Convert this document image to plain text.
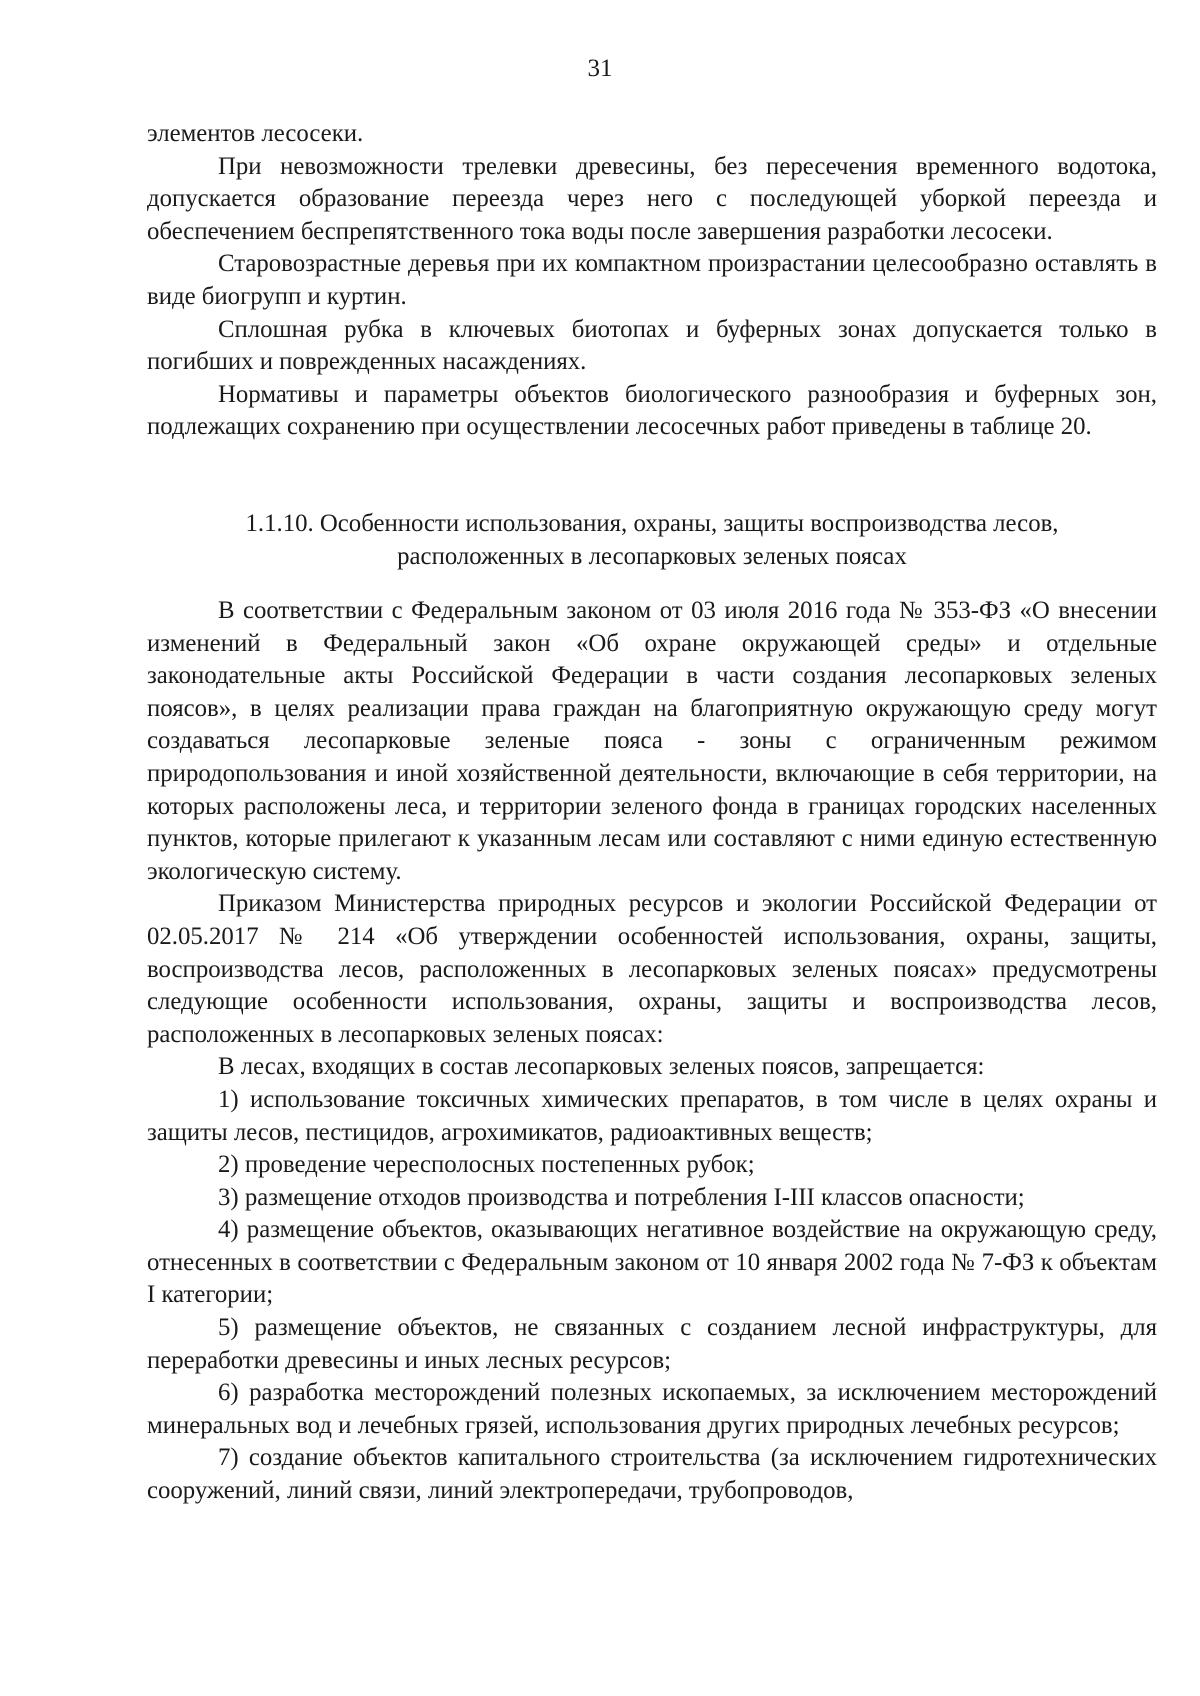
31

элементов лесосеки.

При невозможности трелевки древесины, без пересечения временного водотока, допускается образование переезда через него с последующей уборкой переезда и обеспечением беспрепятственного тока воды после завершения разработки лесосеки.

Старовозрастные деревья при их компактном произрастании целесообразно оставлять в виде биогрупп и куртин.

Сплошная рубка в ключевых биотопах и буферных зонах допускается только в погибших и поврежденных насаждениях.

Нормативы и параметры объектов биологического разнообразия и буферных зон, подлежащих сохранению при осуществлении лесосечных работ приведены в таблице 20.

1.1.10. Особенности использования, охраны, защиты воспроизводства лесов,
расположенных в лесопарковых зеленых поясах

В соответствии с Федеральным законом от 03 июля 2016 года № 353-ФЗ «О внесении изменений в Федеральный закон «Об охране окружающей среды» и отдельные законодательные акты Российской Федерации в части создания лесопарковых зеленых поясов», в целях реализации права граждан на благоприятную окружающую среду могут создаваться лесопарковые зеленые пояса - зоны с ограниченным режимом природопользования и иной хозяйственной деятельности, включающие в себя территории, на которых расположены леса, и территории зеленого фонда в границах городских населенных пунктов, которые прилегают к указанным лесам или составляют с ними единую естественную экологическую систему.

Приказом Министерства природных ресурсов и экологии Российской Федерации от 02.05.2017 № 214 «Об утверждении особенностей использования, охраны, защиты, воспроизводства лесов, расположенных в лесопарковых зеленых поясах» предусмотрены следующие особенности использования, охраны, защиты и воспроизводства лесов, расположенных в лесопарковых зеленых поясах:

В лесах, входящих в состав лесопарковых зеленых поясов, запрещается:

1) использование токсичных химических препаратов, в том числе в целях охраны и защиты лесов, пестицидов, агрохимикатов, радиоактивных веществ;

2) проведение чересполосных постепенных рубок;

3) размещение отходов производства и потребления I-III классов опасности;

4) размещение объектов, оказывающих негативное воздействие на окружающую среду, отнесенных в соответствии с Федеральным законом от 10 января 2002 года № 7-ФЗ к объектам I категории;

5) размещение объектов, не связанных с созданием лесной инфраструктуры, для переработки древесины и иных лесных ресурсов;

6) разработка месторождений полезных ископаемых, за исключением месторождений минеральных вод и лечебных грязей, использования других природных лечебных ресурсов;

7) создание объектов капитального строительства (за исключением гидротехнических сооружений, линий связи, линий электропередачи, трубопроводов,
